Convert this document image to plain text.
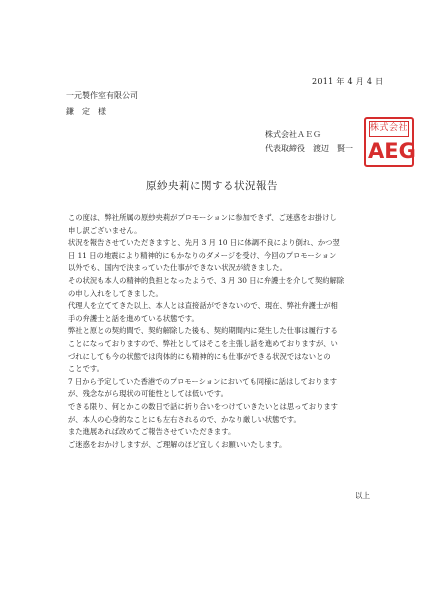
2011 年 4 月 4 日
一元製作室有限公司
鎌　定　様
株式会社ＡＥＧ
代表取締役　渡辺　賢一
株式会社
AEG
原紗央莉に関する状況報告
この度は、弊社所属の原紗央莉がプロモーションに参加できず、ご迷惑をお掛けし
申し訳ございません。
状況を報告させていただきますと、先月 3 月 10 日に体調不良により倒れ、かつ翌
日 11 日の地震により精神的にもかなりのダメージを受け、今回のプロモーション
以外でも、国内で決まっていた仕事ができない状況が続きました。
その状況も本人の精神的負担となったようで、3 月 30 日に弁護士を介して契約解除
の申し入れをしてきました。
代理人を立ててきた以上、本人とは直接話ができないので、現在、弊社弁護士が相
手の弁護士と話を進めている状態です。
弊社と原との契約間で、契約解除した後も、契約期間内に発生した仕事は履行する
ことになっておりますので、弊社としてはそこを主張し話を進めておりますが、い
づれにしても今の状態では肉体的にも精神的にも仕事ができる状況ではないとの
ことです。
7 日から予定していた香港でのプロモーションにおいても同様に話はしております
が、残念ながら現状の可能性としては低いです。
できる限り、何とかこの数日で話に折り合いをつけていきたいとは思っております
が、本人の心身的なことにも左右されるので、かなり厳しい状態です。
また進展あれば改めてご報告させていただきます。
ご迷惑をおかけしますが、ご理解のほど宜しくお願いいたします。
以上
